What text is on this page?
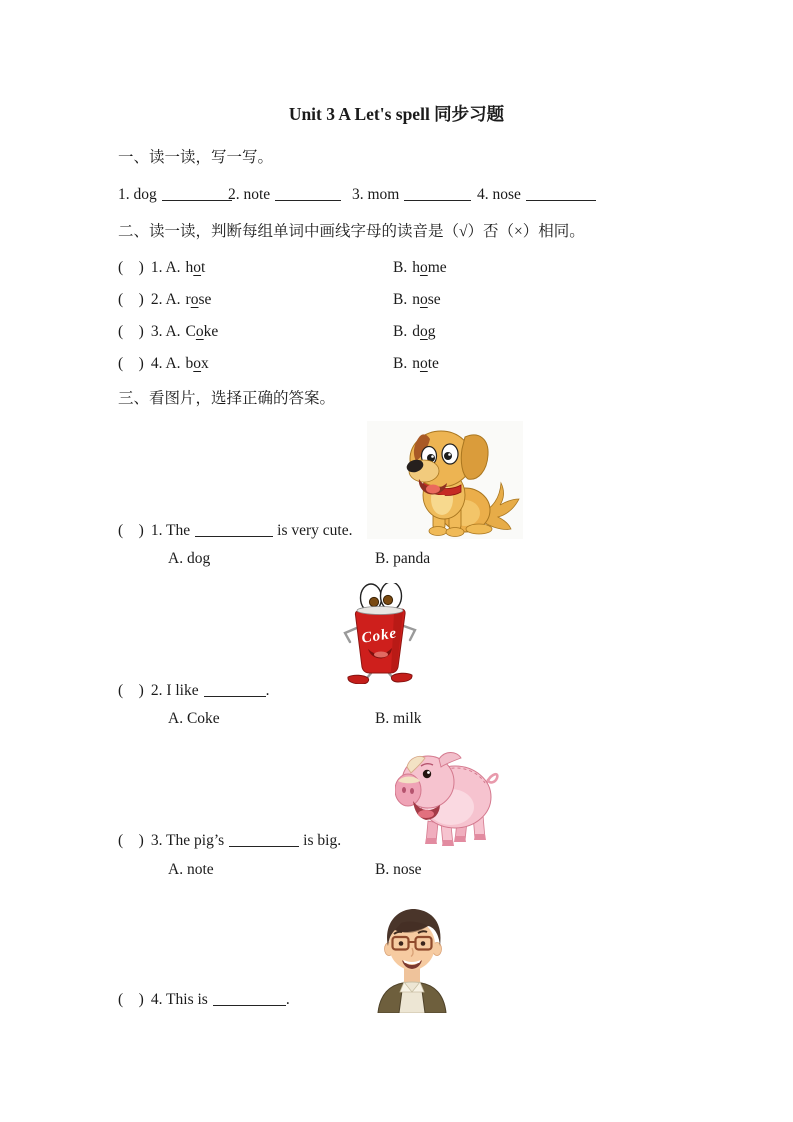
Unit 3 A Let's spell 同步习题
一、读一读，写一写。
1. dog	2. note	3. mom	4. nose
二、读一读，判断每组单词中画线字母的读音是（√）否（×）相同。
(    ) 1. A. hot	B. home
(    ) 2. A. rose	B. nose
(    ) 3. A. Coke	B. dog
(    ) 4. A. box	B. note
三、看图片，选择正确的答案。
(    ) 1. The	is very cute.
A. dog	B. panda
Coke
(    ) 2. I like	.
A. Coke	B. milk
(    ) 3. The pig’s	is big.
A. note	B. nose
(    ) 4. This is	.
